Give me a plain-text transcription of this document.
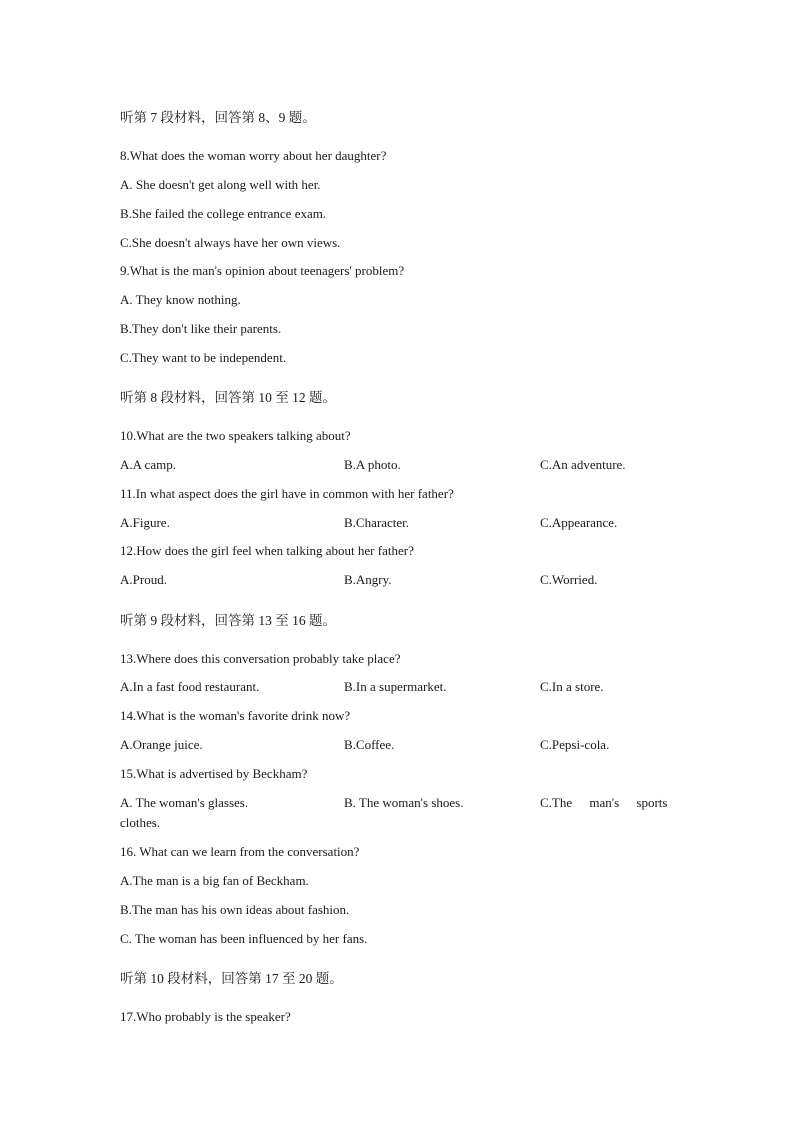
听第 7 段材料，回答第 8、9 题。
8.What does the woman worry about her daughter?
A. She doesn't get along well with her.
B.She failed the college entrance exam.
C.She doesn't always have her own views.
9.What is the man's opinion about teenagers' problem?
A. They know nothing.
B.They don't like their parents.
C.They want to be independent.
听第 8 段材料，回答第 10 至 12 题。
10.What are the two speakers talking about?
A.A camp.	B.A photo.	C.An adventure.
11.In what aspect does the girl have in common with her father?
A.Figure.	B.Character.	C.Appearance.
12.How does the girl feel when talking about her father?
A.Proud.	B.Angry.	C.Worried.
听第 9 段材料，回答第 13 至 16 题。
13.Where does this conversation probably take place?
A.In a fast food restaurant.	B.In a supermarket.	C.In a store.
14.What is the woman's favorite drink now?
A.Orange juice.	B.Coffee.	C.Pepsi-cola.
15.What is advertised by Beckham?
A. The woman's glasses.	B. The woman's shoes.	C.The man's sports
clothes.
16. What can we learn from the conversation?
A.The man is a big fan of Beckham.
B.The man has his own ideas about fashion.
C. The woman has been influenced by her fans.
听第 10 段材料，回答第 17 至 20 题。
17.Who probably is the speaker?
